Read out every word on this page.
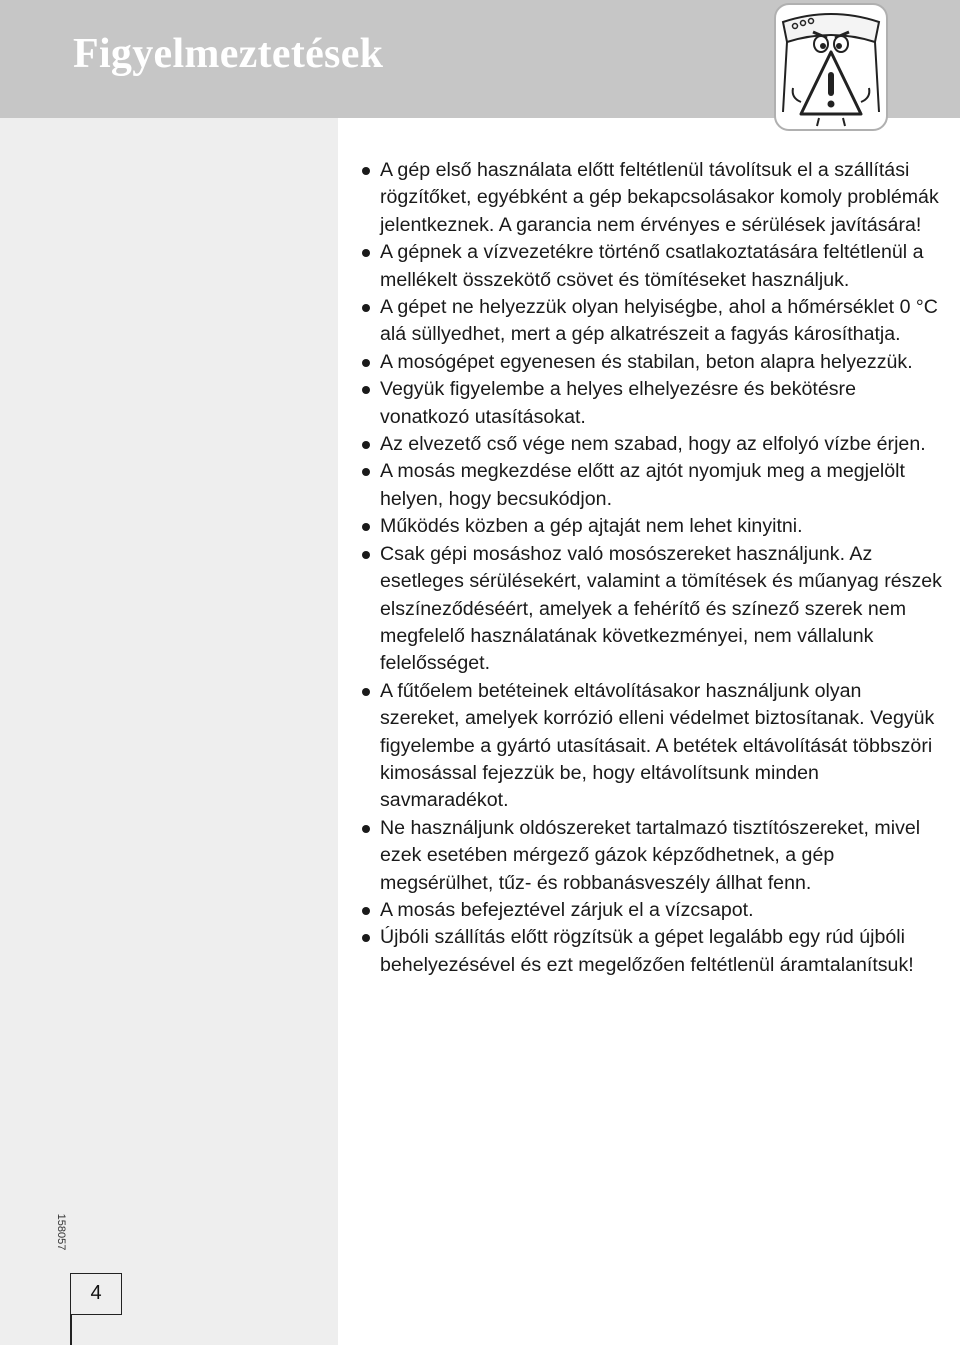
Figyelmeztetések
158057
4
A gép első használata előtt feltétlenül távolítsuk el a szállítási rögzítőket, egyébként a gép bekapcsolásakor komoly problémák jelentkeznek. A garancia nem érvényes e sérülések javítására!
A gépnek a vízvezetékre történő csatlakoztatására feltétlenül a mellékelt összekötő csövet és tömítéseket használjuk.
A gépet ne helyezzük olyan helyiségbe, ahol a hőmérséklet 0 °C alá süllyedhet, mert a gép alkatrészeit a fagyás károsíthatja.
A mosógépet egyenesen és stabilan, beton alapra helyezzük.
Vegyük figyelembe a helyes elhelyezésre és bekötésre vonatkozó utasításokat.
Az elvezető cső vége nem szabad, hogy az elfolyó vízbe érjen.
A mosás megkezdése előtt az ajtót nyomjuk meg a megjelölt helyen, hogy becsukódjon.
Működés közben a gép ajtaját nem lehet kinyitni.
Csak gépi mosáshoz való mosószereket használjunk. Az esetleges sérülésekért, valamint a tömítések és műanyag részek elszíneződéséért, amelyek a fehérítő és színező szerek nem megfelelő használatának következményei, nem vállalunk felelősséget.
A fűtőelem betéteinek eltávolításakor használjunk olyan szereket, amelyek korrózió elleni védelmet biztosítanak. Vegyük figyelembe a gyártó utasításait. A betétek eltávolítását többszöri kimosással fejezzük be, hogy eltávolítsunk minden savmaradékot.
Ne használjunk oldószereket tartalmazó tisztítószereket, mivel ezek esetében mérgező gázok képződhetnek, a gép megsérülhet, tűz- és robbanásveszély állhat fenn.
A mosás befejeztével zárjuk el a vízcsapot.
Újbóli szállítás előtt rögzítsük a gépet legalább egy rúd újbóli behelyezésével és ezt megelőzően feltétlenül áramtalanítsuk!
